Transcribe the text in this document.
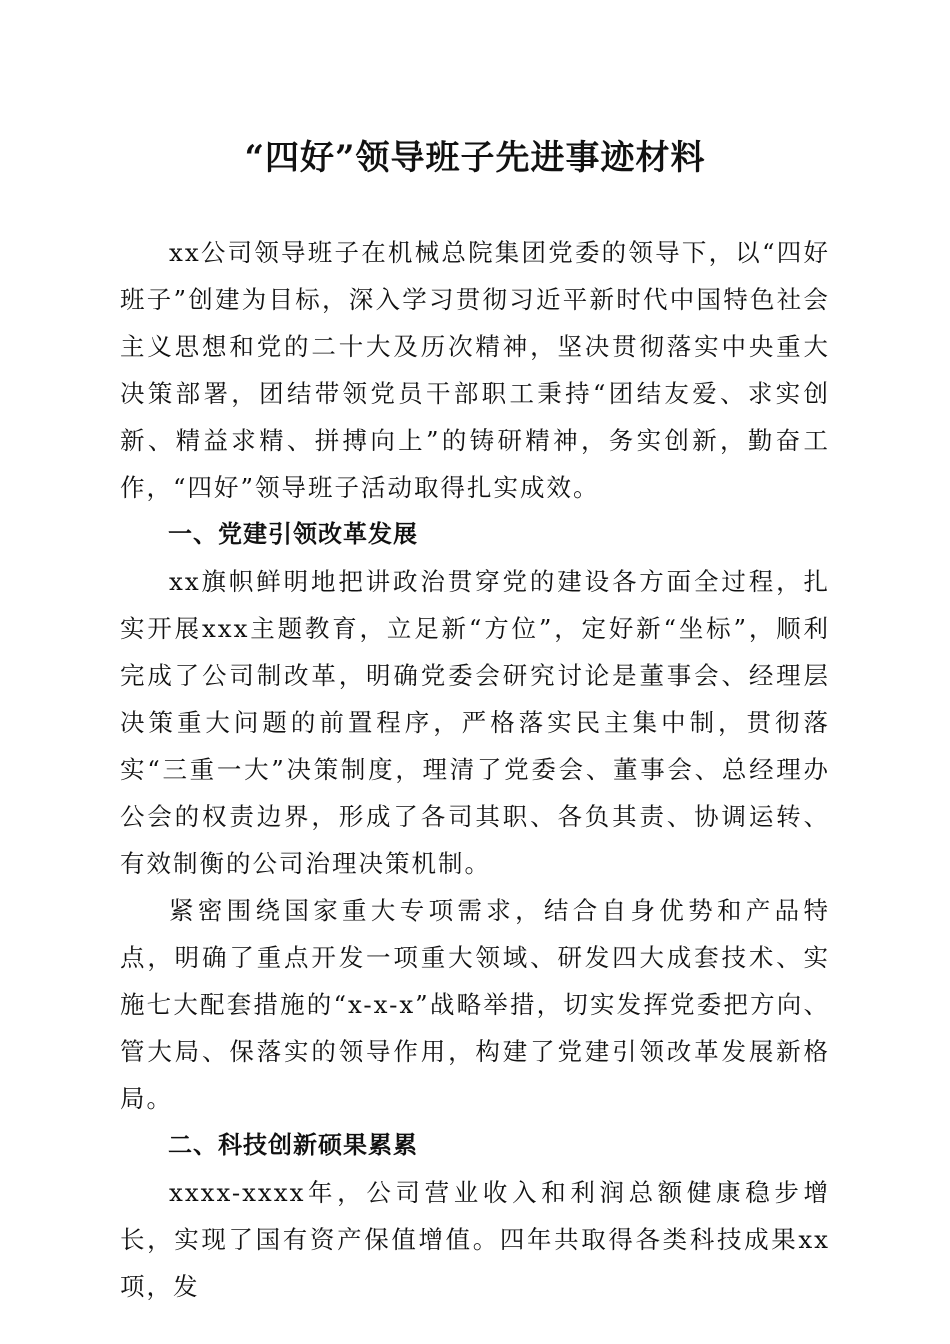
“四好”领导班子先进事迹材料

xx公司领导班子在机械总院集团党委的领导下，以“四好班子”创建为目标，深入学习贯彻习近平新时代中国特色社会主义思想和党的二十大及历次精神，坚决贯彻落实中央重大决策部署，团结带领党员干部职工秉持“团结友爱、求实创新、精益求精、拼搏向上”的铸研精神，务实创新，勤奋工作，“四好”领导班子活动取得扎实成效。

一、党建引领改革发展

xx旗帜鲜明地把讲政治贯穿党的建设各方面全过程，扎实开展xxx主题教育，立足新“方位”，定好新“坐标”，顺利完成了公司制改革，明确党委会研究讨论是董事会、经理层决策重大问题的前置程序，严格落实民主集中制，贯彻落实“三重一大”决策制度，理清了党委会、董事会、总经理办公会的权责边界，形成了各司其职、各负其责、协调运转、有效制衡的公司治理决策机制。

紧密围绕国家重大专项需求，结合自身优势和产品特点，明确了重点开发一项重大领域、研发四大成套技术、实施七大配套措施的“x-x-x”战略举措，切实发挥党委把方向、管大局、保落实的领导作用，构建了党建引领改革发展新格局。

二、科技创新硕果累累

xxxx-xxxx年，公司营业收入和利润总额健康稳步增长，实现了国有资产保值增值。四年共取得各类科技成果xx项，发
